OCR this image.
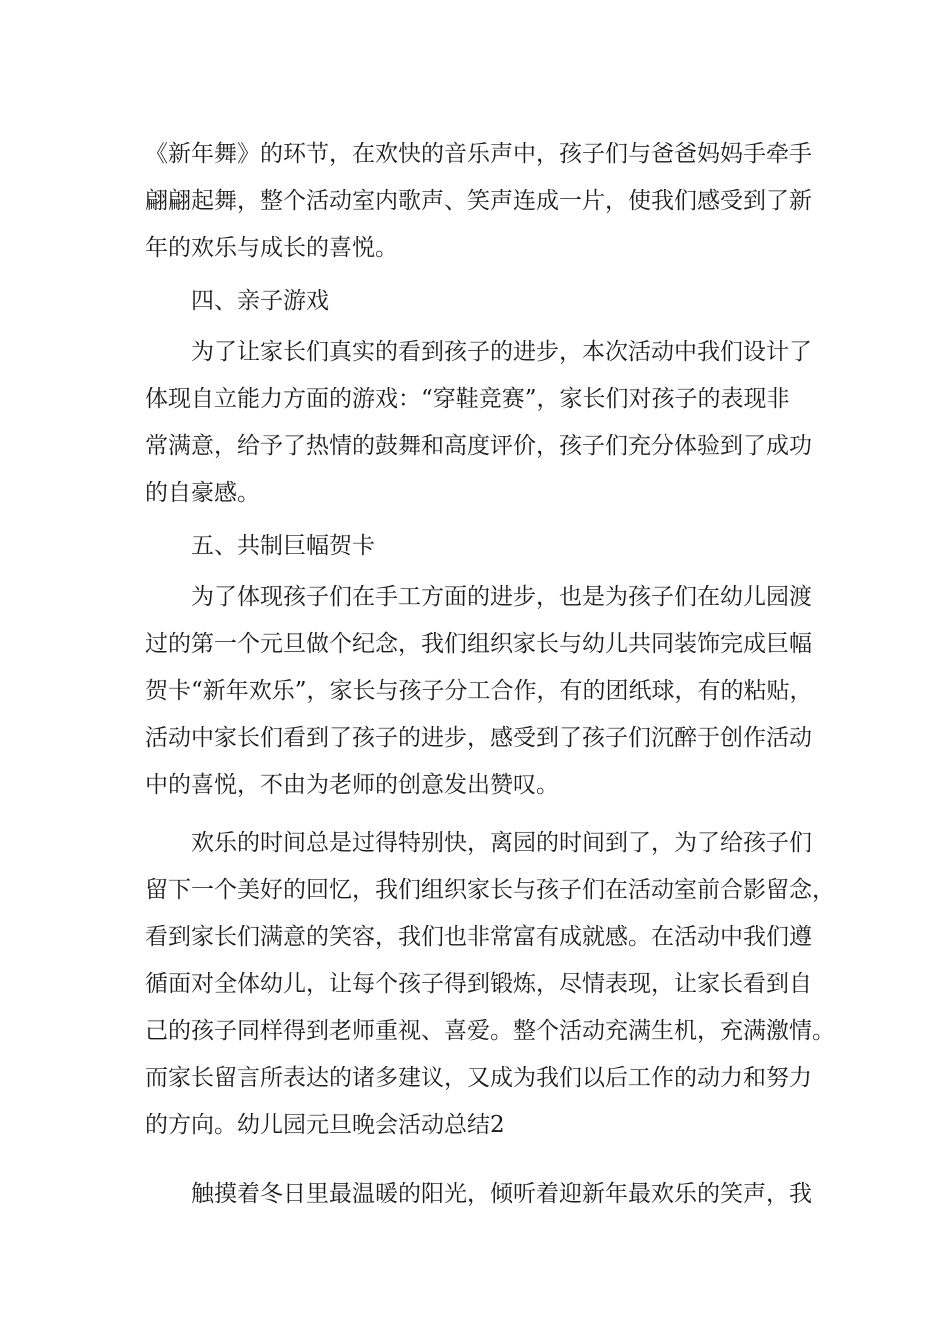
《新年舞》的环节，在欢快的音乐声中，孩子们与爸爸妈妈手牵手
翩翩起舞，整个活动室内歌声、笑声连成一片，使我们感受到了新
年的欢乐与成长的喜悦。
四、亲子游戏
为了让家长们真实的看到孩子的进步，本次活动中我们设计了
体现自立能力方面的游戏：“穿鞋竞赛”，家长们对孩子的表现非
常满意，给予了热情的鼓舞和高度评价，孩子们充分体验到了成功
的自豪感。
五、共制巨幅贺卡
为了体现孩子们在手工方面的进步，也是为孩子们在幼儿园渡
过的第一个元旦做个纪念，我们组织家长与幼儿共同装饰完成巨幅
贺卡“新年欢乐”，家长与孩子分工合作，有的团纸球，有的粘贴，
活动中家长们看到了孩子的进步，感受到了孩子们沉醉于创作活动
中的喜悦，不由为老师的创意发出赞叹。
欢乐的时间总是过得特别快，离园的时间到了，为了给孩子们
留下一个美好的回忆，我们组织家长与孩子们在活动室前合影留念，
看到家长们满意的笑容，我们也非常富有成就感。在活动中我们遵
循面对全体幼儿，让每个孩子得到锻炼，尽情表现，让家长看到自
己的孩子同样得到老师重视、喜爱。整个活动充满生机，充满激情。
而家长留言所表达的诸多建议，又成为我们以后工作的动力和努力
的方向。幼儿园元旦晚会活动总结2
触摸着冬日里最温暖的阳光，倾听着迎新年最欢乐的笑声，我
